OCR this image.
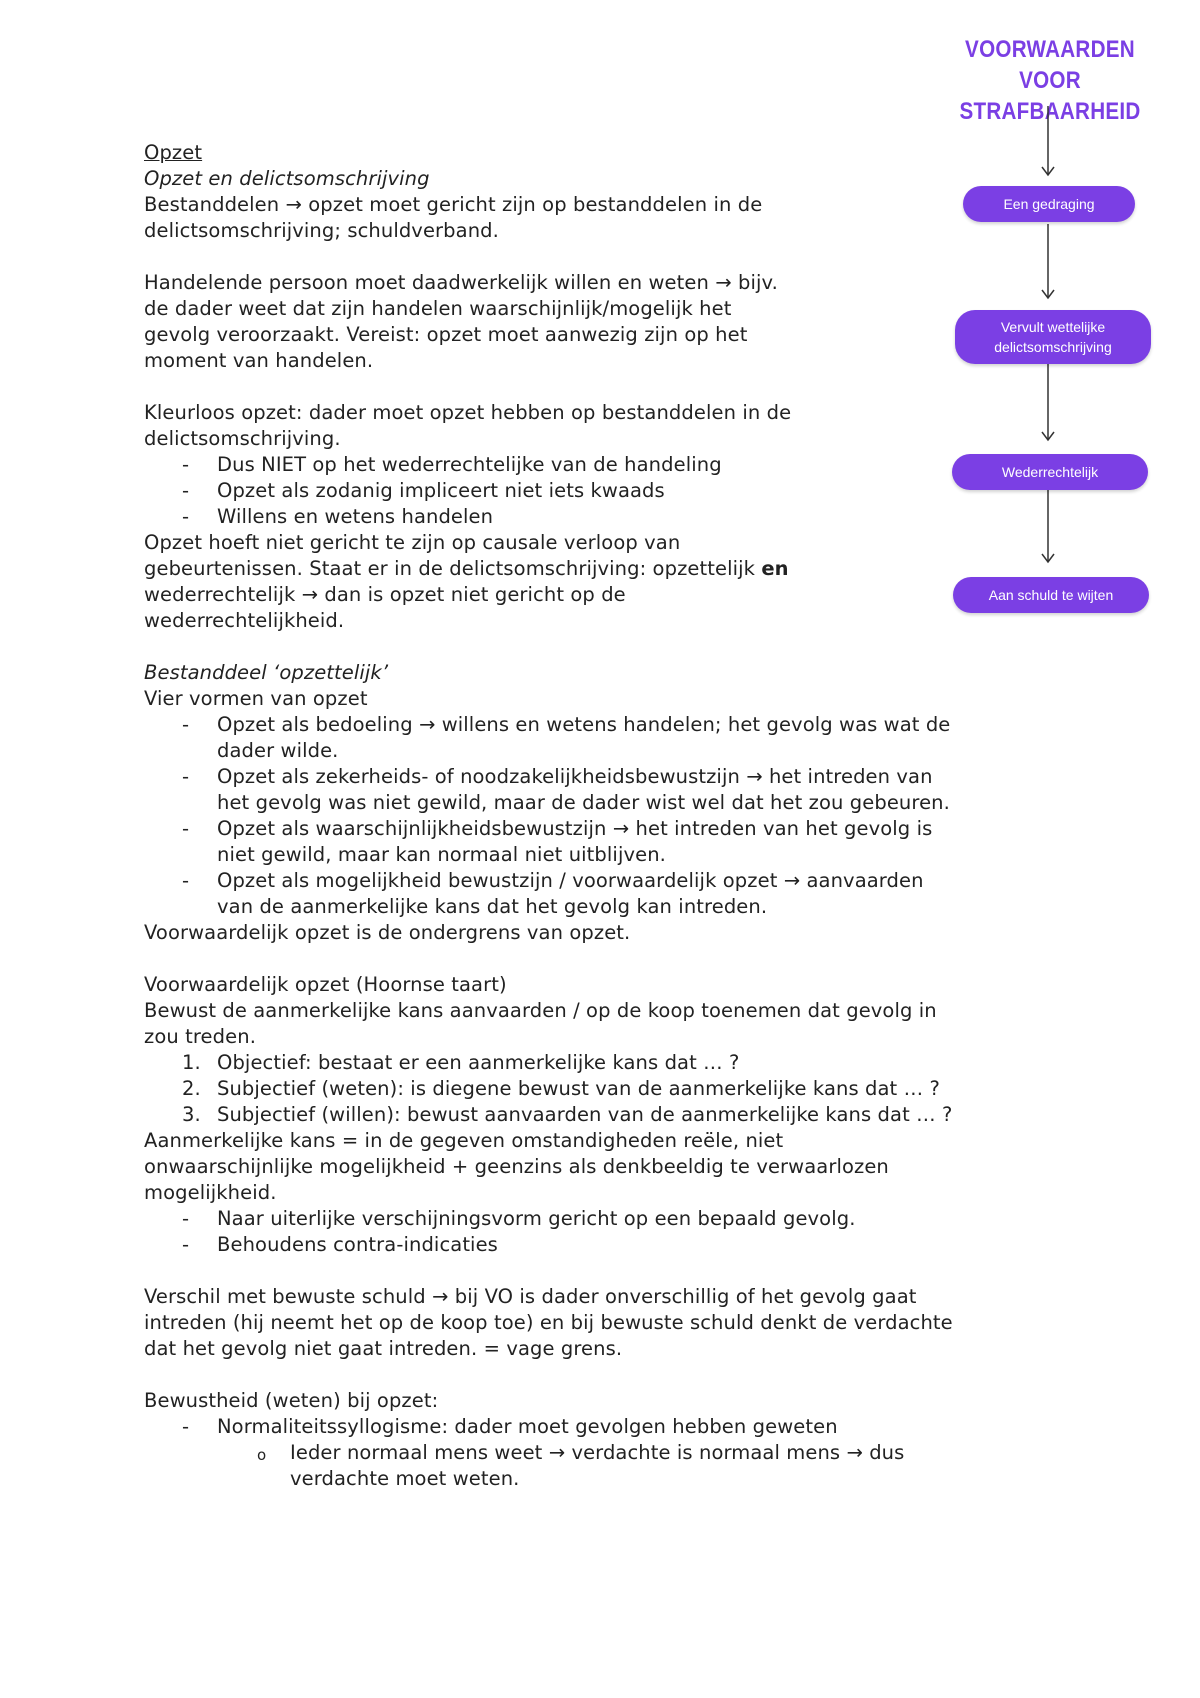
VOORWAARDEN VOOR
STRAFBAARHEID
Een gedraging
Vervult wettelijke delictsomschrijving
Wederrechtelijk
Aan schuld te wijten

Opzet

Opzet en delictsomschrijving

Bestanddelen → opzet moet gericht zijn op bestanddelen in de

delictsomschrijving; schuldverband.

Handelende persoon moet daadwerkelijk willen en weten → bijv.

de dader weet dat zijn handelen waarschijnlijk/mogelijk het

gevolg veroorzaakt. Vereist: opzet moet aanwezig zijn op het

moment van handelen.

Kleurloos opzet: dader moet opzet hebben op bestanddelen in de

delictsomschrijving.

- Dus NIET op het wederrechtelijke van de handeling
- Opzet als zodanig impliceert niet iets kwaads
- Willens en wetens handelen

Opzet hoeft niet gericht te zijn op causale verloop van

gebeurtenissen. Staat er in de delictsomschrijving: opzettelijk en

wederrechtelijk → dan is opzet niet gericht op de

wederrechtelijkheid.

Bestanddeel ‘opzettelijk’

Vier vormen van opzet

- Opzet als bedoeling → willens en wetens handelen; het gevolg was wat de
dader wilde.
- Opzet als zekerheids- of noodzakelijkheidsbewustzijn → het intreden van
het gevolg was niet gewild, maar de dader wist wel dat het zou gebeuren.
- Opzet als waarschijnlijkheidsbewustzijn → het intreden van het gevolg is
niet gewild, maar kan normaal niet uitblijven.
- Opzet als mogelijkheid bewustzijn / voorwaardelijk opzet → aanvaarden
van de aanmerkelijke kans dat het gevolg kan intreden.

Voorwaardelijk opzet is de ondergrens van opzet.

Voorwaardelijk opzet (Hoornse taart)

Bewust de aanmerkelijke kans aanvaarden / op de koop toenemen dat gevolg in

zou treden.

1. Objectief: bestaat er een aanmerkelijke kans dat … ?
2. Subjectief (weten): is diegene bewust van de aanmerkelijke kans dat … ?
3. Subjectief (willen): bewust aanvaarden van de aanmerkelijke kans dat … ?

Aanmerkelijke kans = in de gegeven omstandigheden reële, niet

onwaarschijnlijke mogelijkheid + geenzins als denkbeeldig te verwaarlozen

mogelijkheid.

- Naar uiterlijke verschijningsvorm gericht op een bepaald gevolg.
- Behoudens contra-indicaties

Verschil met bewuste schuld → bij VO is dader onverschillig of het gevolg gaat

intreden (hij neemt het op de koop toe) en bij bewuste schuld denkt de verdachte

dat het gevolg niet gaat intreden. = vage grens.

Bewustheid (weten) bij opzet:

- Normaliteitssyllogisme: dader moet gevolgen hebben geweten
o Ieder normaal mens weet → verdachte is normaal mens → dus
verdachte moet weten.
